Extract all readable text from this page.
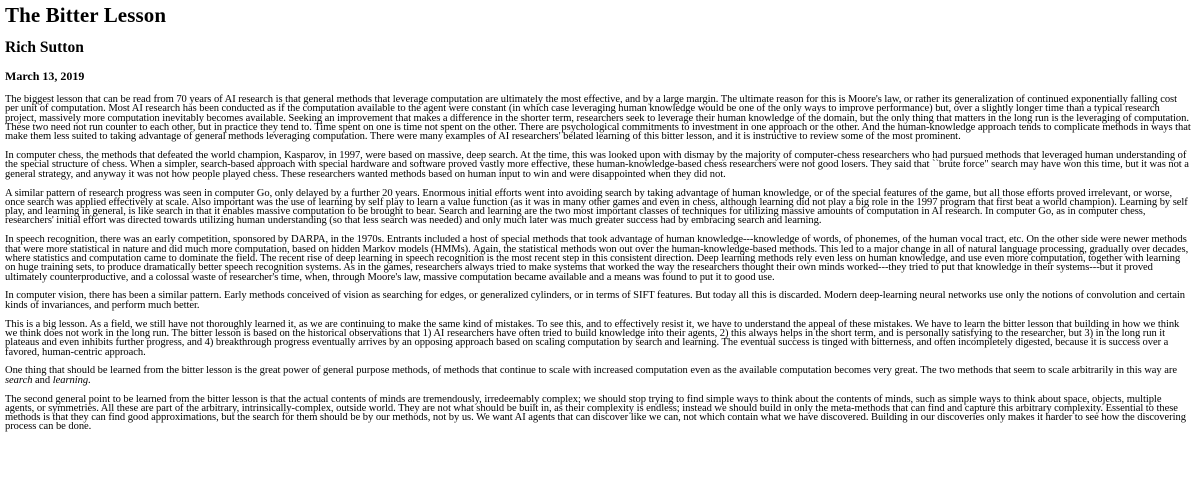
The Bitter Lesson
Rich Sutton
March 13, 2019

The biggest lesson that can be read from 70 years of AI research is that general methods that leverage computation are ultimately the most effective, and by a large margin. The ultimate reason for this is Moore's law, or rather its generalization of continued exponentially falling cost per unit of computation. Most AI research has been conducted as if the computation available to the agent were constant (in which case leveraging human knowledge would be one of the only ways to improve performance) but, over a slightly longer time than a typical research project, massively more computation inevitably becomes available. Seeking an improvement that makes a difference in the shorter term, researchers seek to leverage their human knowledge of the domain, but the only thing that matters in the long run is the leveraging of computation. These two need not run counter to each other, but in practice they tend to. Time spent on one is time not spent on the other. There are psychological commitments to investment in one approach or the other. And the human-knowledge approach tends to complicate methods in ways that make them less suited to taking advantage of general methods leveraging computation. There were many examples of AI researchers' belated learning of this bitter lesson, and it is instructive to review some of the most prominent.

In computer chess, the methods that defeated the world champion, Kasparov, in 1997, were based on massive, deep search. At the time, this was looked upon with dismay by the majority of computer-chess researchers who had pursued methods that leveraged human understanding of the special structure of chess. When a simpler, search-based approach with special hardware and software proved vastly more effective, these human-knowledge-based chess researchers were not good losers. They said that ``brute force" search may have won this time, but it was not a general strategy, and anyway it was not how people played chess. These researchers wanted methods based on human input to win and were disappointed when they did not.

A similar pattern of research progress was seen in computer Go, only delayed by a further 20 years. Enormous initial efforts went into avoiding search by taking advantage of human knowledge, or of the special features of the game, but all those efforts proved irrelevant, or worse, once search was applied effectively at scale. Also important was the use of learning by self play to learn a value function (as it was in many other games and even in chess, although learning did not play a big role in the 1997 program that first beat a world champion). Learning by self play, and learning in general, is like search in that it enables massive computation to be brought to bear. Search and learning are the two most important classes of techniques for utilizing massive amounts of computation in AI research. In computer Go, as in computer chess, researchers' initial effort was directed towards utilizing human understanding (so that less search was needed) and only much later was much greater success had by embracing search and learning.

In speech recognition, there was an early competition, sponsored by DARPA, in the 1970s. Entrants included a host of special methods that took advantage of human knowledge---knowledge of words, of phonemes, of the human vocal tract, etc. On the other side were newer methods that were more statistical in nature and did much more computation, based on hidden Markov models (HMMs). Again, the statistical methods won out over the human-knowledge-based methods. This led to a major change in all of natural language processing, gradually over decades, where statistics and computation came to dominate the field. The recent rise of deep learning in speech recognition is the most recent step in this consistent direction. Deep learning methods rely even less on human knowledge, and use even more computation, together with learning on huge training sets, to produce dramatically better speech recognition systems. As in the games, researchers always tried to make systems that worked the way the researchers thought their own minds worked---they tried to put that knowledge in their systems---but it proved ultimately counterproductive, and a colossal waste of researcher's time, when, through Moore's law, massive computation became available and a means was found to put it to good use.

In computer vision, there has been a similar pattern. Early methods conceived of vision as searching for edges, or generalized cylinders, or in terms of SIFT features. But today all this is discarded. Modern deep-learning neural networks use only the notions of convolution and certain kinds of invariances, and perform much better.

This is a big lesson. As a field, we still have not thoroughly learned it, as we are continuing to make the same kind of mistakes. To see this, and to effectively resist it, we have to understand the appeal of these mistakes. We have to learn the bitter lesson that building in how we think we think does not work in the long run. The bitter lesson is based on the historical observations that 1) AI researchers have often tried to build knowledge into their agents, 2) this always helps in the short term, and is personally satisfying to the researcher, but 3) in the long run it plateaus and even inhibits further progress, and 4) breakthrough progress eventually arrives by an opposing approach based on scaling computation by search and learning. The eventual success is tinged with bitterness, and often incompletely digested, because it is success over a favored, human-centric approach.

One thing that should be learned from the bitter lesson is the great power of general purpose methods, of methods that continue to scale with increased computation even as the available computation becomes very great. The two methods that seem to scale arbitrarily in this way are search and learning.

The second general point to be learned from the bitter lesson is that the actual contents of minds are tremendously, irredeemably complex; we should stop trying to find simple ways to think about the contents of minds, such as simple ways to think about space, objects, multiple agents, or symmetries. All these are part of the arbitrary, intrinsically-complex, outside world. They are not what should be built in, as their complexity is endless; instead we should build in only the meta-methods that can find and capture this arbitrary complexity. Essential to these methods is that they can find good approximations, but the search for them should be by our methods, not by us. We want AI agents that can discover like we can, not which contain what we have discovered. Building in our discoveries only makes it harder to see how the discovering process can be done.
